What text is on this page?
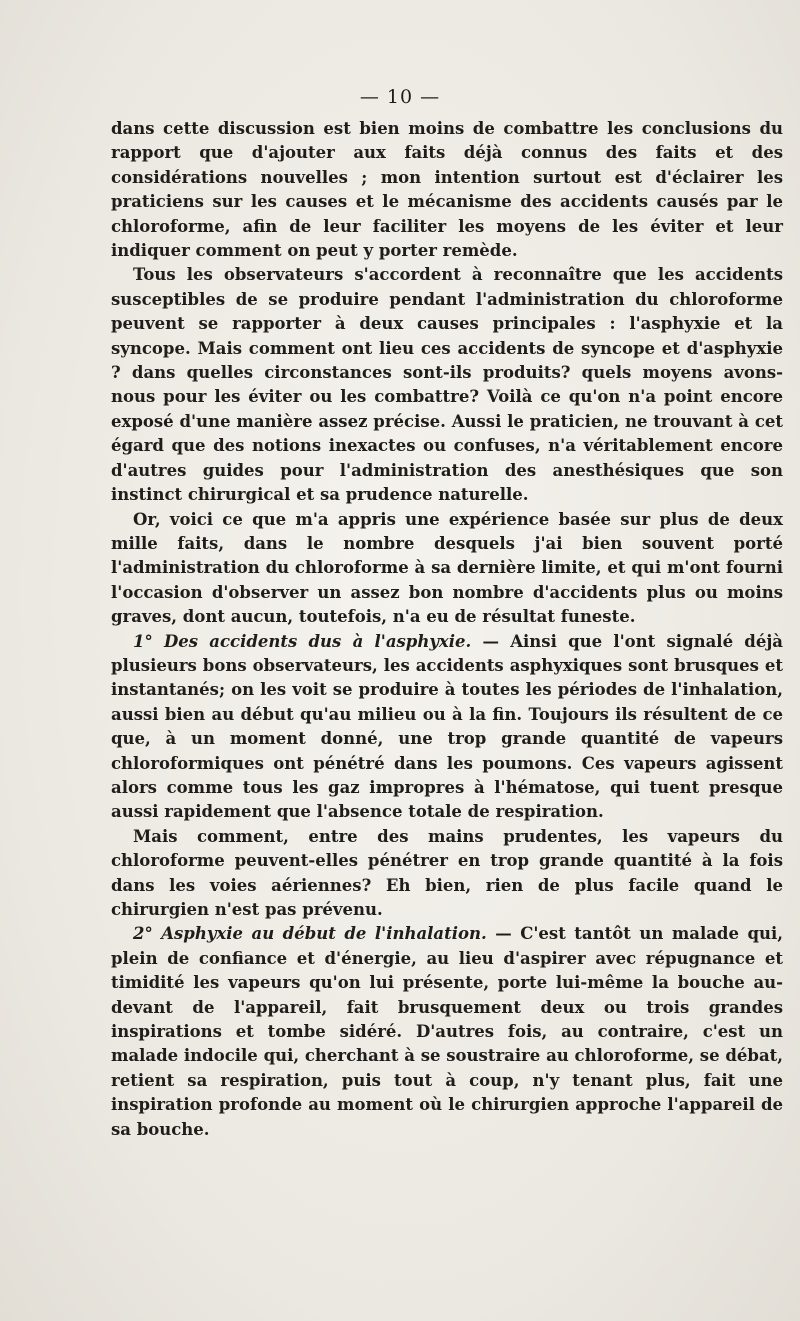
— 10 —

dans cette discussion est bien moins de combattre les conclusions du rapport que d'ajouter aux faits déjà connus des faits et des considérations nouvelles ; mon intention surtout est d'éclairer les praticiens sur les causes et le mécanisme des accidents causés par le chloroforme, afin de leur faciliter les moyens de les éviter et leur indiquer comment on peut y porter remède.

Tous les observateurs s'accordent à reconnaître que les accidents susceptibles de se produire pendant l'administration du chloroforme peuvent se rapporter à deux causes principales : l'asphyxie et la syncope. Mais comment ont lieu ces accidents de syncope et d'asphyxie ? dans quelles circonstances sont-ils produits? quels moyens avons-nous pour les éviter ou les combattre? Voilà ce qu'on n'a point encore exposé d'une manière assez précise. Aussi le praticien, ne trouvant à cet égard que des notions inexactes ou confuses, n'a véritablement encore d'autres guides pour l'administration des anesthésiques que son instinct chirurgical et sa prudence naturelle.

Or, voici ce que m'a appris une expérience basée sur plus de deux mille faits, dans le nombre desquels j'ai bien souvent porté l'administration du chloroforme à sa dernière limite, et qui m'ont fourni l'occasion d'observer un assez bon nombre d'accidents plus ou moins graves, dont aucun, toutefois, n'a eu de résultat funeste.

1° Des accidents dus à l'asphyxie. — Ainsi que l'ont signalé déjà plusieurs bons observateurs, les accidents asphyxiques sont brusques et instantanés; on les voit se produire à toutes les périodes de l'inhalation, aussi bien au début qu'au milieu ou à la fin. Toujours ils résultent de ce que, à un moment donné, une trop grande quantité de vapeurs chloroformiques ont pénétré dans les poumons. Ces vapeurs agissent alors comme tous les gaz impropres à l'hématose, qui tuent presque aussi rapidement que l'absence totale de respiration.

Mais comment, entre des mains prudentes, les vapeurs du chloroforme peuvent-elles pénétrer en trop grande quantité à la fois dans les voies aériennes? Eh bien, rien de plus facile quand le chirurgien n'est pas prévenu.

2° Asphyxie au début de l'inhalation. — C'est tantôt un malade qui, plein de confiance et d'énergie, au lieu d'aspirer avec répugnance et timidité les vapeurs qu'on lui présente, porte lui-même la bouche au-devant de l'appareil, fait brusquement deux ou trois grandes inspirations et tombe sidéré. D'autres fois, au contraire, c'est un malade indocile qui, cherchant à se soustraire au chloroforme, se débat, retient sa respiration, puis tout à coup, n'y tenant plus, fait une inspiration profonde au moment où le chirurgien approche l'appareil de sa bouche.
